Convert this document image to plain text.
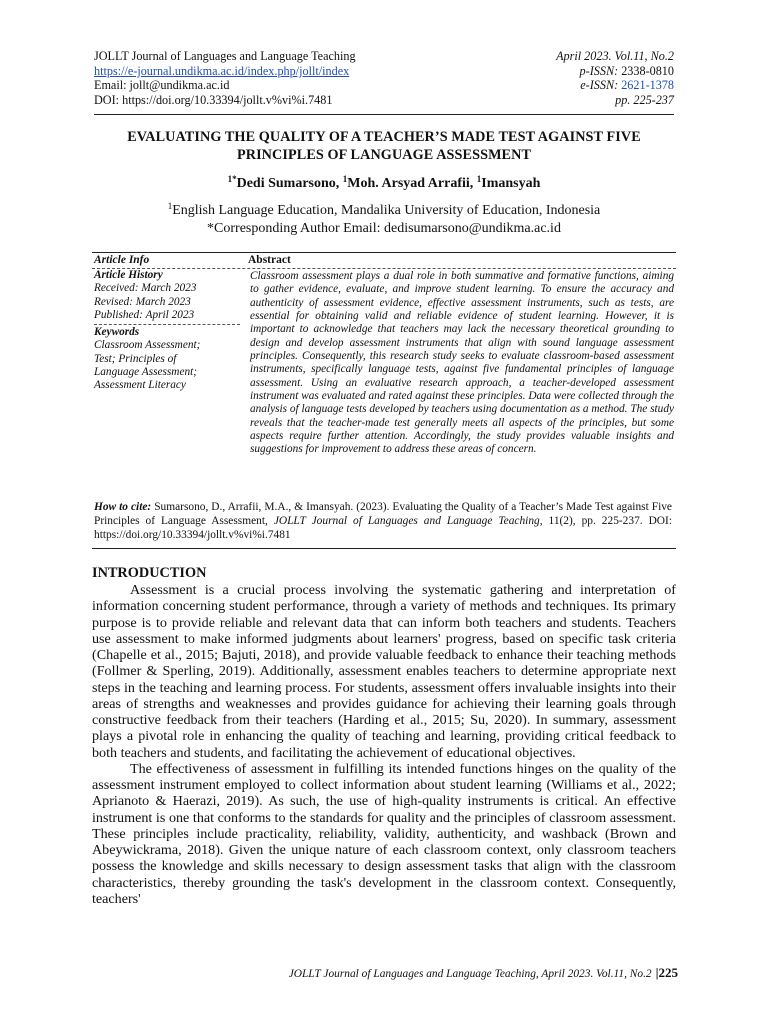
JOLLT Journal of Languages and Language Teaching	April 2023. Vol.11, No.2
https://e-journal.undikma.ac.id/index.php/jollt/index	p-ISSN: 2338-0810
Email: jollt@undikma.ac.id	e-ISSN: 2621-1378
DOI: https://doi.org/10.33394/jollt.v%vi%i.7481	pp. 225-237
EVALUATING THE QUALITY OF A TEACHER’S MADE TEST AGAINST FIVE
PRINCIPLES OF LANGUAGE ASSESSMENT
$^{1*}$Dedi Sumarsono, $^1$Moh. Arsyad Arrafii, $^1$Imansyah
$^1$English Language Education, Mandalika University of Education, Indonesia
*Corresponding Author Email: dedisumarsono@undikma.ac.id
Article Info	Abstract
Article History
Received: March 2023
Revised: March 2023
Published: April 2023
Keywords
Classroom Assessment;
Test; Principles of
Language Assessment;
Assessment Literacy
Classroom assessment plays a dual role in both summative and formative functions, aiming to gather evidence, evaluate, and improve student learning. To ensure the accuracy and authenticity of assessment evidence, effective assessment instruments, such as tests, are essential for obtaining valid and reliable evidence of student learning. However, it is important to acknowledge that teachers may lack the necessary theoretical grounding to design and develop assessment instruments that align with sound language assessment principles. Consequently, this research study seeks to evaluate classroom-based assessment instruments, specifically language tests, against five fundamental principles of language assessment. Using an evaluative research approach, a teacher-developed assessment instrument was evaluated and rated against these principles. Data were collected through the analysis of language tests developed by teachers using documentation as a method. The study reveals that the teacher-made test generally meets all aspects of the principles, but some aspects require further attention. Accordingly, the study provides valuable insights and suggestions for improvement to address these areas of concern.
How to cite: Sumarsono, D., Arrafii, M.A., & Imansyah. (2023). Evaluating the Quality of a Teacher’s Made Test against Five Principles of Language Assessment, JOLLT Journal of Languages and Language Teaching, 11(2), pp. 225-237. DOI: https://doi.org/10.33394/jollt.v%vi%i.7481
INTRODUCTION

Assessment is a crucial process involving the systematic gathering and interpretation of information concerning student performance, through a variety of methods and techniques. Its primary purpose is to provide reliable and relevant data that can inform both teachers and students. Teachers use assessment to make informed judgments about learners' progress, based on specific task criteria (Chapelle et al., 2015; Bajuti, 2018), and provide valuable feedback to enhance their teaching methods (Follmer & Sperling, 2019). Additionally, assessment enables teachers to determine appropriate next steps in the teaching and learning process. For students, assessment offers invaluable insights into their areas of strengths and weaknesses and provides guidance for achieving their learning goals through constructive feedback from their teachers (Harding et al., 2015; Su, 2020). In summary, assessment plays a pivotal role in enhancing the quality of teaching and learning, providing critical feedback to both teachers and students, and facilitating the achievement of educational objectives.

The effectiveness of assessment in fulfilling its intended functions hinges on the quality of the assessment instrument employed to collect information about student learning (Williams et al., 2022; Aprianoto & Haerazi, 2019). As such, the use of high-quality instruments is critical. An effective instrument is one that conforms to the standards for quality and the principles of classroom assessment. These principles include practicality, reliability, validity, authenticity, and washback (Brown and Abeywickrama, 2018). Given the unique nature of each classroom context, only classroom teachers possess the knowledge and skills necessary to design assessment tasks that align with the classroom characteristics, thereby grounding the task's development in the classroom context. Consequently, teachers'

JOLLT Journal of Languages and Language Teaching, April 2023. Vol.11, No.2 |225
